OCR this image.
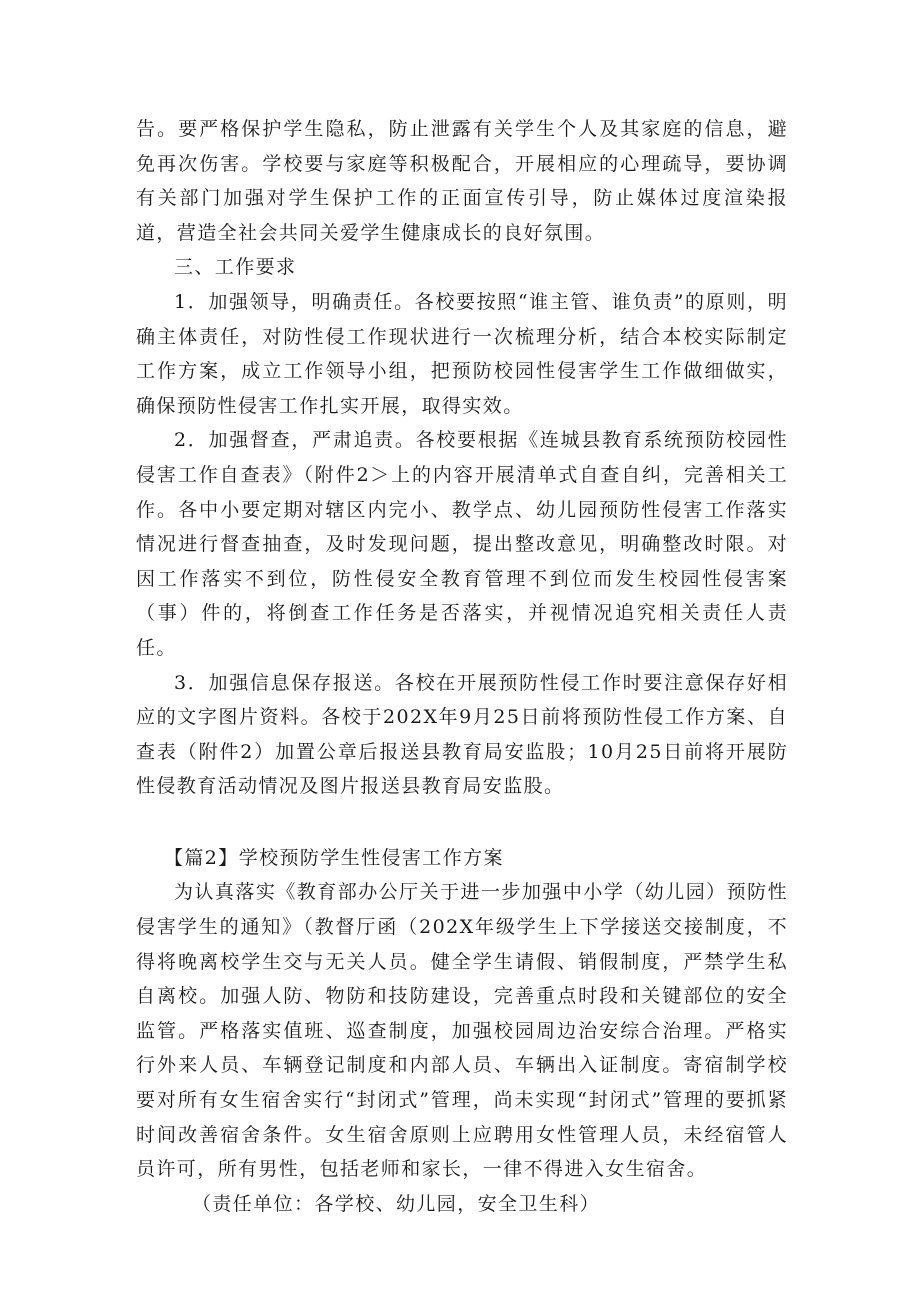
告。要严格保护学生隐私，防止泄露有关学生个人及其家庭的信息，避免再次伤害。学校要与家庭等积极配合，开展相应的心理疏导，要协调有关部门加强对学生保护工作的正面宣传引导，防止媒体过度渲染报道，营造全社会共同关爱学生健康成长的良好氛围。

三、工作要求

1．加强领导，明确责任。各校要按照“谁主管、谁负责”的原则，明确主体责任，对防性侵工作现状进行一次梳理分析，结合本校实际制定工作方案，成立工作领导小组，把预防校园性侵害学生工作做细做实，确保预防性侵害工作扎实开展，取得实效。

2．加强督查，严肃追责。各校要根据《连城县教育系统预防校园性侵害工作自查表》（附件2＞上的内容开展清单式自查自纠，完善相关工作。各中小要定期对辖区内完小、教学点、幼儿园预防性侵害工作落实情况进行督查抽查，及时发现问题，提出整改意见，明确整改时限。对因工作落实不到位，防性侵安全教育管理不到位而发生校园性侵害案（事）件的，将倒查工作任务是否落实，并视情况追究相关责任人责任。

3．加强信息保存报送。各校在开展预防性侵工作时要注意保存好相应的文字图片资料。各校于202X年9月25日前将预防性侵工作方案、自查表（附件2）加置公章后报送县教育局安监股；10月25日前将开展防性侵教育活动情况及图片报送县教育局安监股。

【篇2】学校预防学生性侵害工作方案

为认真落实《教育部办公厅关于进一步加强中小学（幼儿园）预防性侵害学生的通知》（教督厅函（202X年级学生上下学接送交接制度，不得将晚离校学生交与无关人员。健全学生请假、销假制度，严禁学生私自离校。加强人防、物防和技防建设，完善重点时段和关键部位的安全监管。严格落实值班、巡查制度，加强校园周边治安综合治理。严格实行外来人员、车辆登记制度和内部人员、车辆出入证制度。寄宿制学校要对所有女生宿舍实行“封闭式”管理，尚未实现“封闭式”管理的要抓紧时间改善宿舍条件。女生宿舍原则上应聘用女性管理人员，未经宿管人员许可，所有男性，包括老师和家长，一律不得进入女生宿舍。

（责任单位：各学校、幼儿园，安全卫生科）
